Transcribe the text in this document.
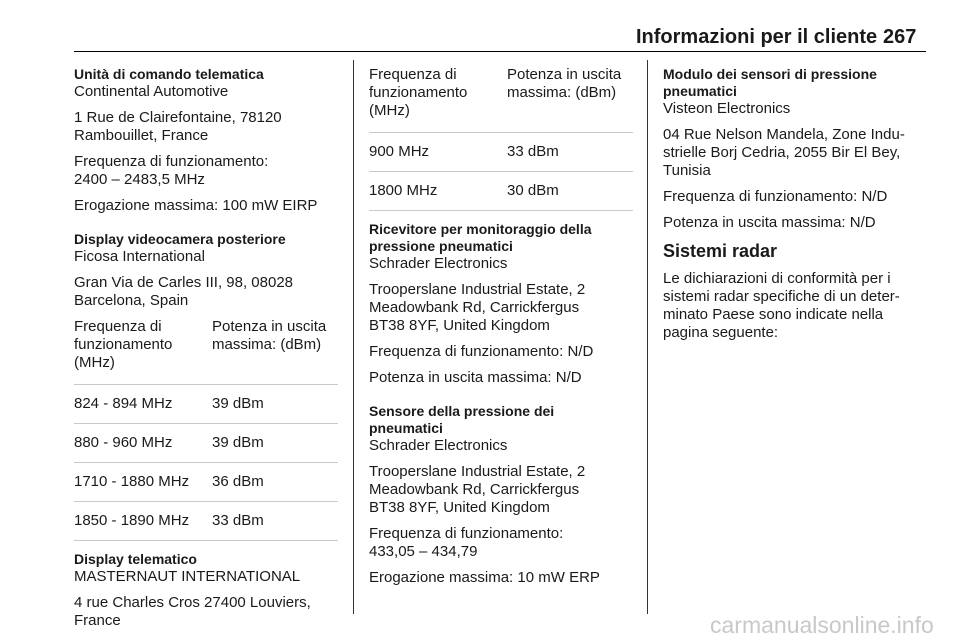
Informazioni per il cliente 267

Unità di comando telematica

Continental Automotive

1 Rue de Clairefontaine, 78120
Rambouillet, France

Frequenza di funzionamento:
2400 – 2483,5 MHz

Erogazione massima: 100 mW EIRP

Display videocamera posteriore

Ficosa International

Gran Via de Carles III, 98, 08028
Barcelona, Spain

Frequenza di funzionamento (MHz)	Potenza in uscita massima: (dBm)
824 - 894 MHz	39 dBm
880 - 960 MHz	39 dBm
1710 - 1880 MHz	36 dBm
1850 - 1890 MHz	33 dBm

Display telematico

MASTERNAUT INTERNATIONAL

4 rue Charles Cros 27400 Louviers,
France

Frequenza di funzionamento (MHz)	Potenza in uscita massima: (dBm)
900 MHz	33 dBm
1800 MHz	30 dBm

Ricevitore per monitoraggio della
pressione pneumatici

Schrader Electronics

Trooperslane Industrial Estate, 2
Meadowbank Rd, Carrickfergus
BT38 8YF, United Kingdom

Frequenza di funzionamento: N/D

Potenza in uscita massima: N/D

Sensore della pressione dei
pneumatici

Schrader Electronics

Trooperslane Industrial Estate, 2
Meadowbank Rd, Carrickfergus
BT38 8YF, United Kingdom

Frequenza di funzionamento:
433,05 – 434,79

Erogazione massima: 10 mW ERP

Modulo dei sensori di pressione
pneumatici

Visteon Electronics

04 Rue Nelson Mandela, Zone Indu-
strielle Borj Cedria, 2055 Bir El Bey,
Tunisia

Frequenza di funzionamento: N/D

Potenza in uscita massima: N/D

Sistemi radar

Le dichiarazioni di conformità per i
sistemi radar specifiche di un deter-
minato Paese sono indicate nella
pagina seguente:

carmanualsonline.info
